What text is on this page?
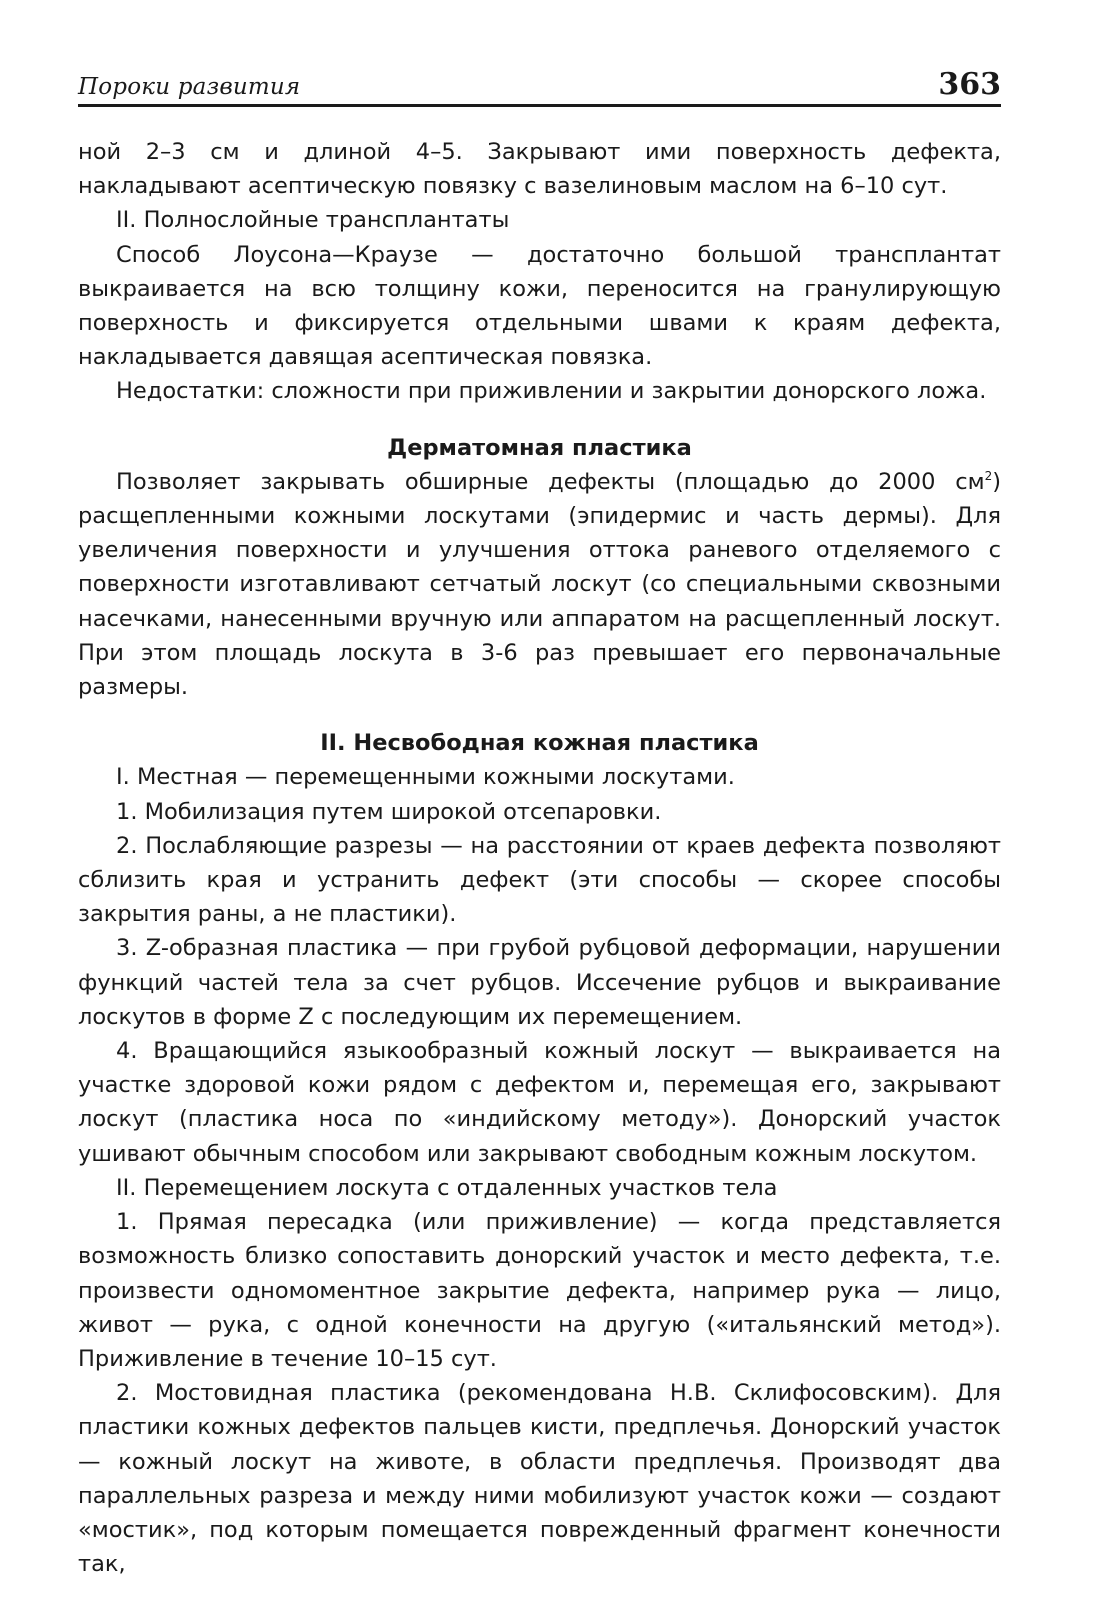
Пороки развития	363

ной 2–3 см и длиной 4–5. Закрывают ими поверхность дефекта, накладывают асептическую повязку с вазелиновым маслом на 6–10 сут.

II. Полнослойные трансплантаты

Способ Лоусона—Краузе — достаточно большой трансплантат выкраивается на всю толщину кожи, переносится на гранулирующую поверхность и фиксируется отдельными швами к краям дефекта, накладывается давящая асептическая повязка.

Недостатки: сложности при приживлении и закрытии донорского ложа.

Дерматомная пластика

Позволяет закрывать обширные дефекты (площадью до 2000 $см^2$) расщепленными кожными лоскутами (эпидермис и часть дермы). Для увеличения поверхности и улучшения оттока раневого отделяемого с поверхности изготавливают сетчатый лоскут (со специальными сквозными насечками, нанесенными вручную или аппаратом на расщепленный лоскут. При этом площадь лоскута в 3-6 раз превышает его первоначальные размеры.

II. Несвободная кожная пластика

I. Местная — перемещенными кожными лоскутами.

1. Мобилизация путем широкой отсепаровки.

2. Послабляющие разрезы — на расстоянии от краев дефекта позволяют сблизить края и устранить дефект (эти способы — скорее способы закрытия раны, а не пластики).

3. Z-образная пластика — при грубой рубцовой деформации, нарушении функций частей тела за счет рубцов. Иссечение рубцов и выкраивание лоскутов в форме Z с последующим их перемещением.

4. Вращающийся языкообразный кожный лоскут — выкраивается на участке здоровой кожи рядом с дефектом и, перемещая его, закрывают лоскут (пластика носа по «индийскому методу»). Донорский участок ушивают обычным способом или закрывают свободным кожным лоскутом.

II. Перемещением лоскута с отдаленных участков тела

1. Прямая пересадка (или приживление) — когда представляется возможность близко сопоставить донорский участок и место дефекта, т.е. произвести одномоментное закрытие дефекта, например рука — лицо, живот — рука, с одной конечности на другую («итальянский метод»). Приживление в течение 10–15 сут.

2. Мостовидная пластика (рекомендована Н.В. Склифосовским). Для пластики кожных дефектов пальцев кисти, предплечья. Донорский участок — кожный лоскут на животе, в области предплечья. Производят два параллельных разреза и между ними мобилизуют участок кожи — создают «мостик», под которым помещается поврежденный фрагмент конечности так,
